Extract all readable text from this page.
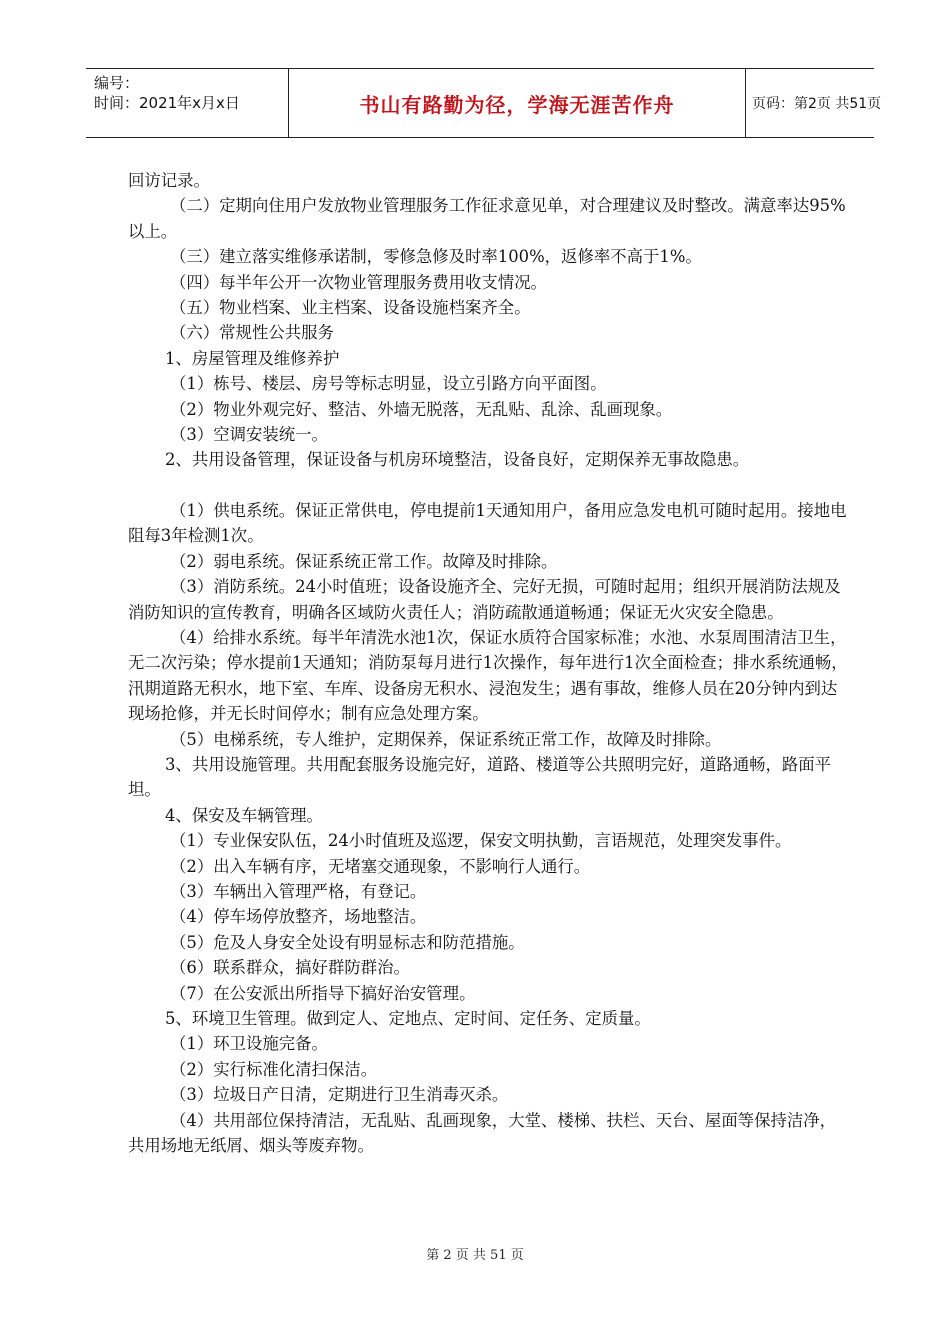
编号：
时间：2021年x月x日	书山有路勤为径，学海无涯苦作舟	页码：第2页 共51页

回访记录。

（二）定期向住用户发放物业管理服务工作征求意见单，对合理建议及时整改。满意率达95%以上。

（三）建立落实维修承诺制，零修急修及时率100%，返修率不高于1%。

（四）每半年公开一次物业管理服务费用收支情况。

（五）物业档案、业主档案、设备设施档案齐全。

（六）常规性公共服务

1、房屋管理及维修养护

（1）栋号、楼层、房号等标志明显，设立引路方向平面图。

（2）物业外观完好、整洁、外墙无脱落，无乱贴、乱涂、乱画现象。

（3）空调安装统一。

2、共用设备管理，保证设备与机房环境整洁，设备良好，定期保养无事故隐患。

（1）供电系统。保证正常供电，停电提前1天通知用户，备用应急发电机可随时起用。接地电阻每3年检测1次。

（2）弱电系统。保证系统正常工作。故障及时排除。

（3）消防系统。24小时值班；设备设施齐全、完好无损，可随时起用；组织开展消防法规及消防知识的宣传教育，明确各区域防火责任人；消防疏散通道畅通；保证无火灾安全隐患。

（4）给排水系统。每半年清洗水池1次，保证水质符合国家标准；水池、水泵周围清洁卫生，无二次污染；停水提前1天通知；消防泵每月进行1次操作，每年进行1次全面检查；排水系统通畅，汛期道路无积水，地下室、车库、设备房无积水、浸泡发生；遇有事故，维修人员在20分钟内到达现场抢修，并无长时间停水；制有应急处理方案。

（5）电梯系统，专人维护，定期保养，保证系统正常工作，故障及时排除。

3、共用设施管理。共用配套服务设施完好，道路、楼道等公共照明完好，道路通畅，路面平坦。

4、保安及车辆管理。

（1）专业保安队伍，24小时值班及巡逻，保安文明执勤，言语规范，处理突发事件。

（2）出入车辆有序，无堵塞交通现象，不影响行人通行。

（3）车辆出入管理严格，有登记。

（4）停车场停放整齐，场地整洁。

（5）危及人身安全处设有明显标志和防范措施。

（6）联系群众，搞好群防群治。

（7）在公安派出所指导下搞好治安管理。

5、环境卫生管理。做到定人、定地点、定时间、定任务、定质量。

（1）环卫设施完备。

（2）实行标准化清扫保洁。

（3）垃圾日产日清，定期进行卫生消毒灭杀。

（4）共用部位保持清洁，无乱贴、乱画现象，大堂、楼梯、扶栏、天台、屋面等保持洁净，共用场地无纸屑、烟头等废弃物。

第 2 页 共 51 页
